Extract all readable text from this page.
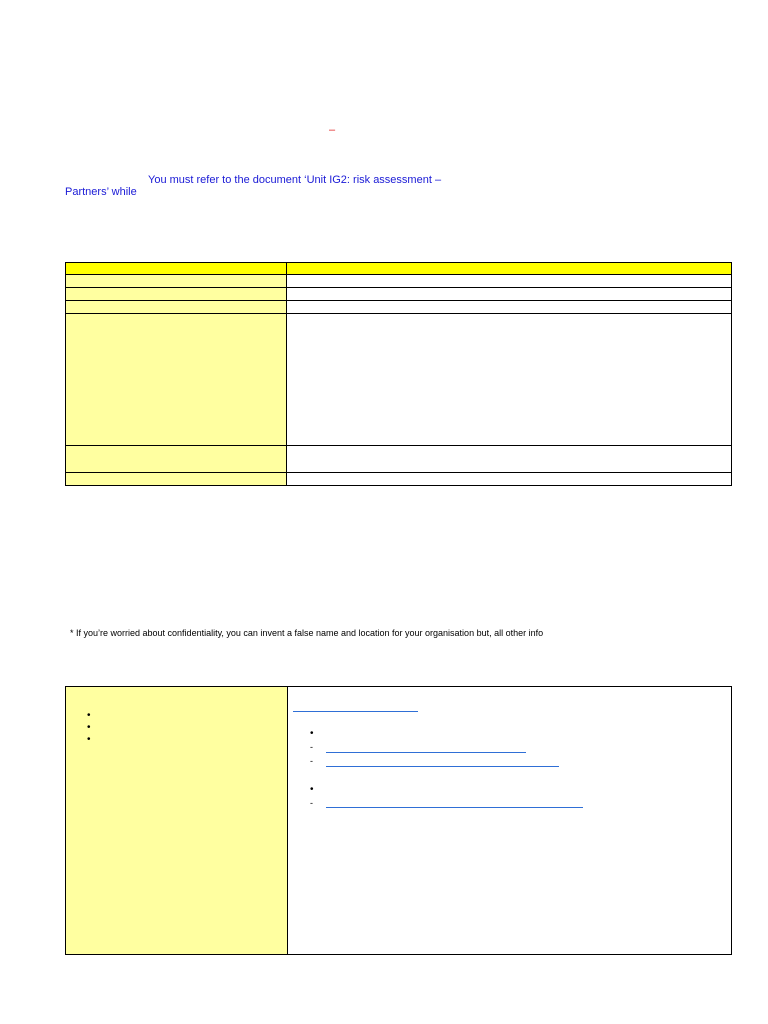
–
You must refer to the document ‘Unit IG2: risk assessment –
Partners’ while

* If you’re worried about confidentiality, you can invent a false name and location for your organisation but, all other info
•
•
•
•
-
-
•
-
